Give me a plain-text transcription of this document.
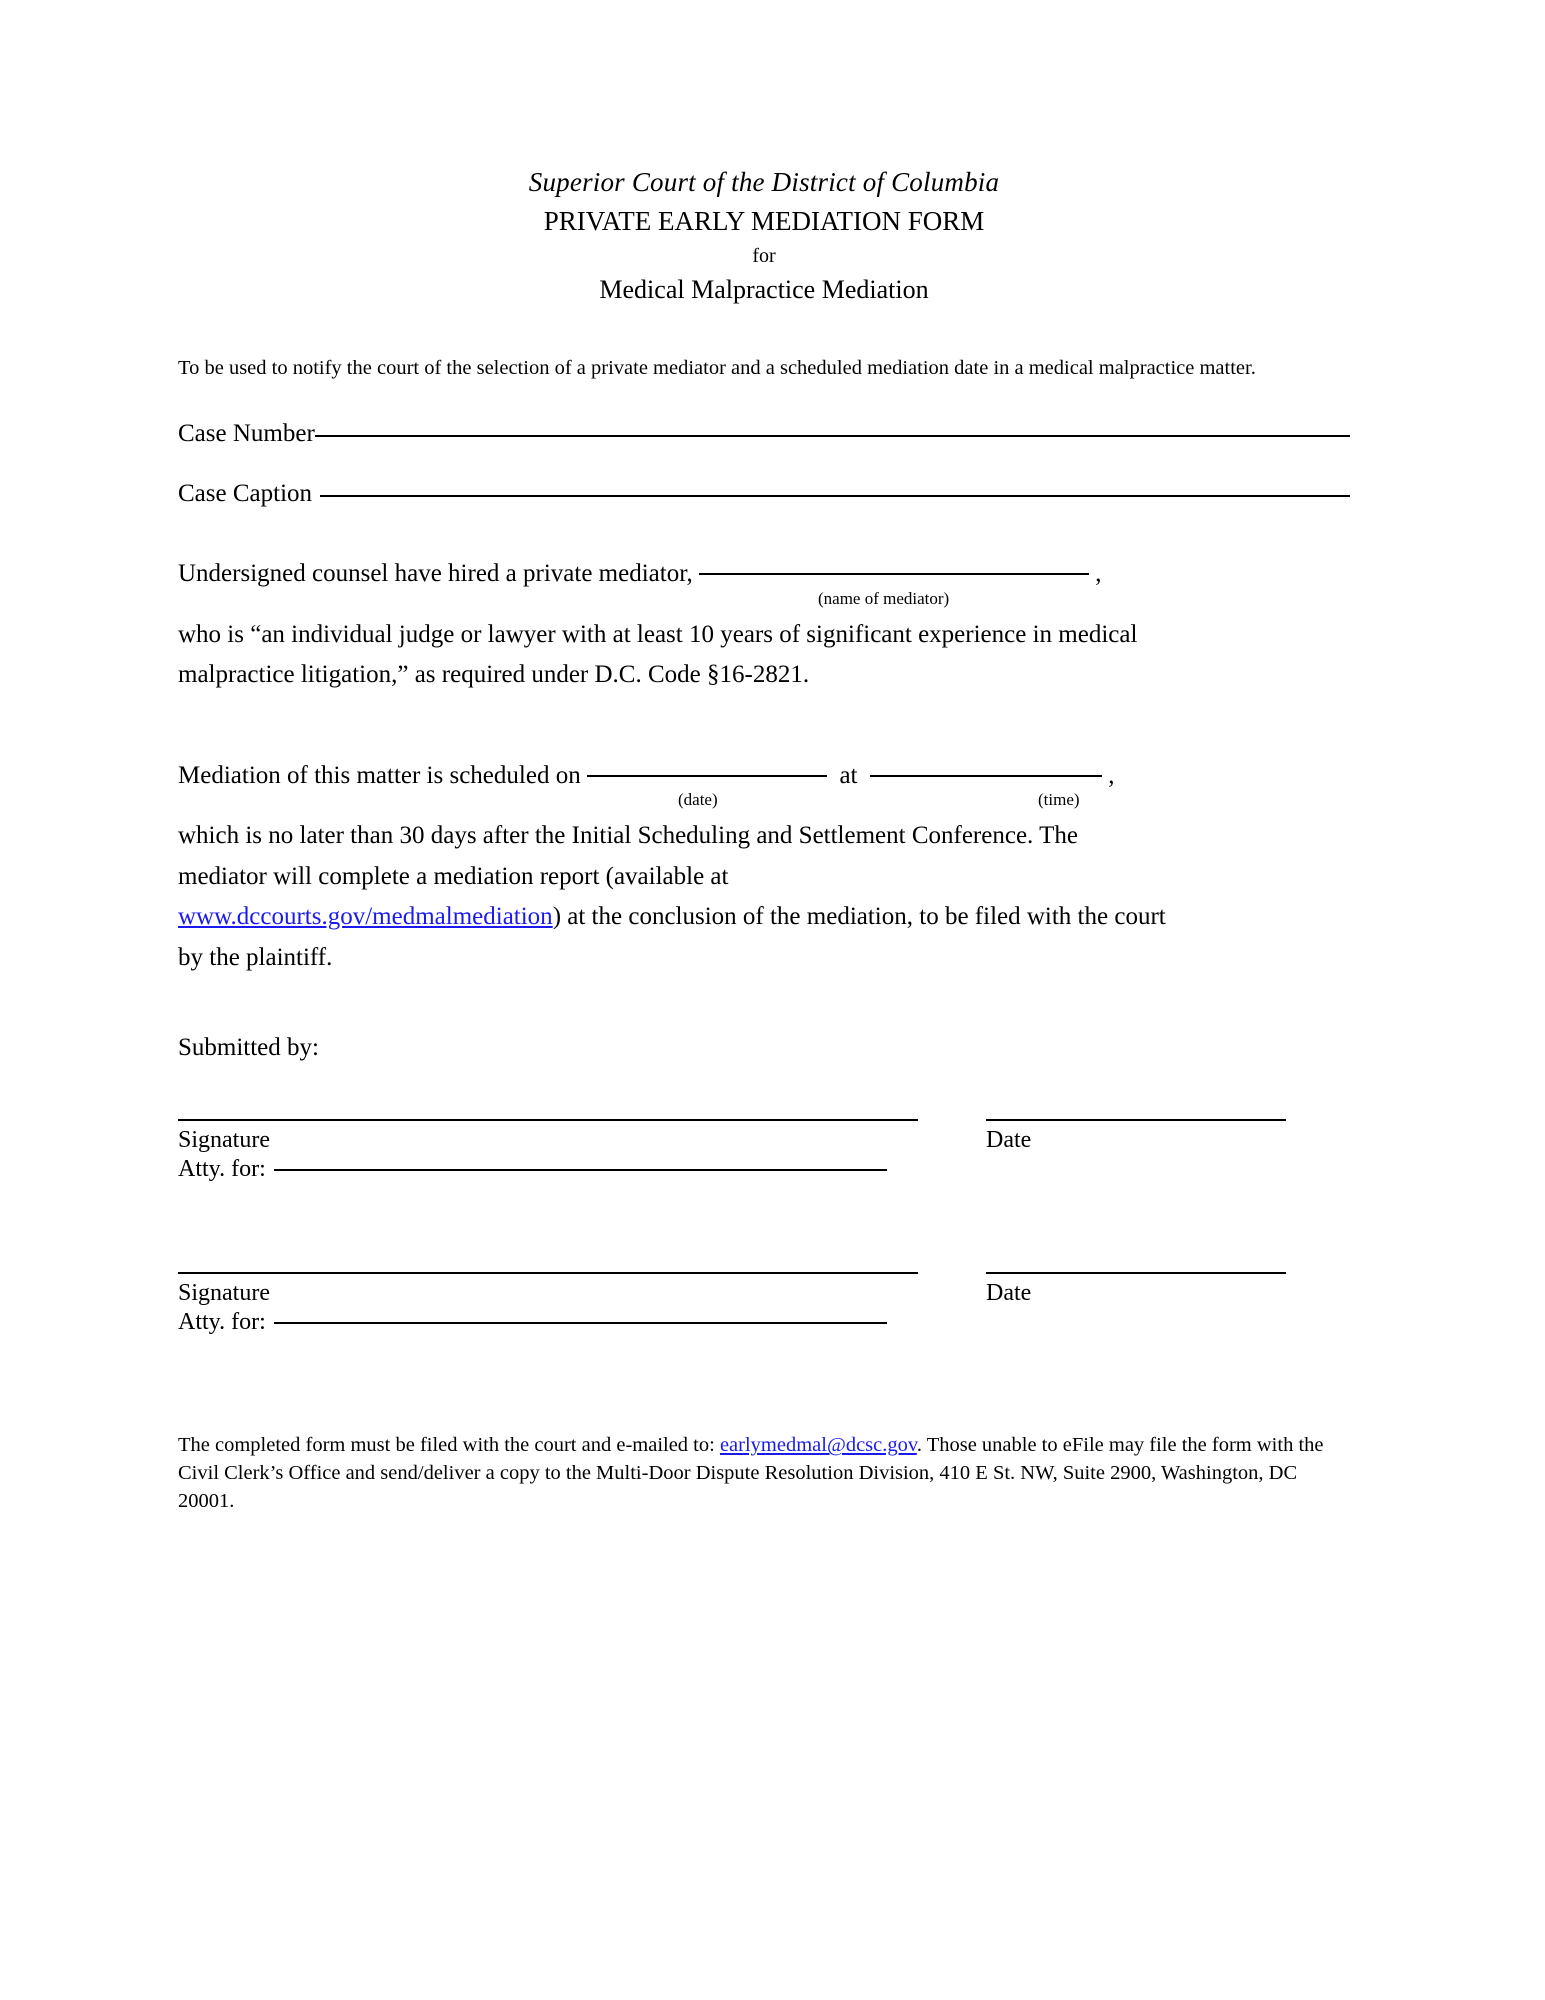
Superior Court of the District of Columbia
PRIVATE EARLY MEDIATION FORM
for
Medical Malpractice Mediation
To be used to notify the court of the selection of a private mediator and a scheduled mediation date in a medical malpractice matter.
Case Number
Case Caption
Undersigned counsel have hired a private mediator,	,
(name of mediator)
who is “an individual judge or lawyer with at least 10 years of significant experience in medical
malpractice litigation,” as required under D.C. Code §16-2821.
Mediation of this matter is scheduled on	at	,
(date)	(time)
which is no later than 30 days after the Initial Scheduling and Settlement Conference. The
mediator will complete a mediation report (available at
www.dccourts.gov/medmalmediation) at the conclusion of the mediation, to be filed with the court
by the plaintiff.
Submitted by:
Signature	Date
Atty. for:
Signature	Date
Atty. for:
The completed form must be filed with the court and e-mailed to: earlymedmal@dcsc.gov. Those unable to eFile may file the form with the Civil Clerk’s Office and send/deliver a copy to the Multi-Door Dispute Resolution Division, 410 E St. NW, Suite 2900, Washington, DC 20001.
